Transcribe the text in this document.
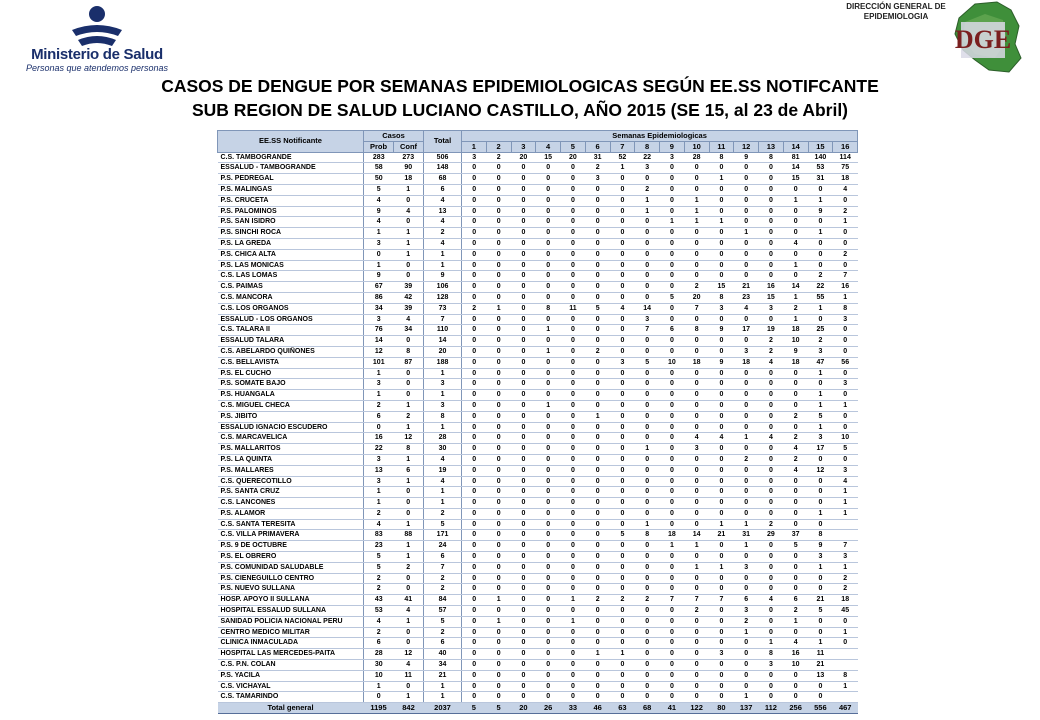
Ministerio de Salud
Personas que atendemos personas
DIRECCIÓN GENERAL DE
EPIDEMIOLOGIA
DGE
CASOS DE DENGUE POR SEMANAS EPIDEMIOLOGICAS SEGÚN EE.SS NOTIFCANTE
SUB REGION DE SALUD LUCIANO CASTILLO, AÑO 2015 (SE 15, al 23 de Abril)
EE.SS Notificante	Casos		Total	Semanas Epidemiologicas															
	Prob	Conf		1	2	3	4	5	6	7	8	9	10	11	12	13	14	15	16
C.S. TAMBOGRANDE	283	273	506	3	2	20	15	20	31	52	22	3	28	8	9	8	81	140	114
ESSALUD - TAMBOGRANDE	58	90	148	0	0	0	0	0	2	1	3	0	0	0	0	0	14	53	75
P.S. PEDREGAL	50	18	68	0	0	0	0	0	3	0	0	0	0	1	0	0	15	31	18
P.S. MALINGAS	5	1	6	0	0	0	0	0	0	0	2	0	0	0	0	0	0	0	4
P.S. CRUCETA	4	0	4	0	0	0	0	0	0	0	1	0	1	0	0	0	1	1	0
P.S. PALOMINOS	9	4	13	0	0	0	0	0	0	0	1	0	1	0	0	0	0	9	2
P.S. SAN ISIDRO	4	0	4	0	0	0	0	0	0	0	0	1	1	1	0	0	0	0	1
P.S. SINCHI ROCA	1	1	2	0	0	0	0	0	0	0	0	0	0	0	1	0	0	1	0
P.S. LA GREDA	3	1	4	0	0	0	0	0	0	0	0	0	0	0	0	0	4	0	0
P.S. CHICA ALTA	0	1	1	0	0	0	0	0	0	0	0	0	0	0	0	0	0	0	2
P.S. LAS MONICAS	1	0	1	0	0	0	0	0	0	0	0	0	0	0	0	0	1	0	0
C.S. LAS LOMAS	9	0	9	0	0	0	0	0	0	0	0	0	0	0	0	0	0	2	7
C.S. PAIMAS	67	39	106	0	0	0	0	0	0	0	0	0	2	15	21	16	14	22	16
C.S. MANCORA	86	42	128	0	0	0	0	0	0	0	0	5	20	8	23	15	1	55	1
C.S. LOS ORGANOS	34	39	73	2	1	0	8	11	5	4	14	0	7	3	4	3	2	1	8
ESSALUD - LOS ORGANOS	3	4	7	0	0	0	0	0	0	0	3	0	0	0	0	0	1	0	3
C.S. TALARA II	76	34	110	0	0	0	1	0	0	0	7	6	8	9	17	19	18	25	0
ESSALUD TALARA	14	0	14	0	0	0	0	0	0	0	0	0	0	0	0	2	10	2	0
C.S. ABELARDO QUIÑONES	12	8	20	0	0	0	1	0	2	0	0	0	0	0	3	2	9	3	0
C.S. BELLAVISTA	101	87	188	0	0	0	0	0	0	3	5	10	18	9	18	4	18	47	56
P.S. EL CUCHO	1	0	1	0	0	0	0	0	0	0	0	0	0	0	0	0	0	1	0
P.S. SOMATE BAJO	3	0	3	0	0	0	0	0	0	0	0	0	0	0	0	0	0	0	3
P.S. HUANGALA	1	0	1	0	0	0	0	0	0	0	0	0	0	0	0	0	0	1	0
C.S. MIGUEL CHECA	2	1	3	0	0	0	1	0	0	0	0	0	0	0	0	0	0	1	1
P.S. JIBITO	6	2	8	0	0	0	0	0	1	0	0	0	0	0	0	0	2	5	0
ESSALUD IGNACIO ESCUDERO	0	1	1	0	0	0	0	0	0	0	0	0	0	0	0	0	0	1	0
C.S. MARCAVELICA	16	12	28	0	0	0	0	0	0	0	0	0	4	4	1	4	2	3	10
P.S. MALLARITOS	22	8	30	0	0	0	0	0	0	0	1	0	3	0	0	0	4	17	5
P.S. LA QUINTA	3	1	4	0	0	0	0	0	0	0	0	0	0	0	2	0	2	0	0
P.S. MALLARES	13	6	19	0	0	0	0	0	0	0	0	0	0	0	0	0	4	12	3
C.S. QUERECOTILLO	3	1	4	0	0	0	0	0	0	0	0	0	0	0	0	0	0	0	4
P.S. SANTA CRUZ	1	0	1	0	0	0	0	0	0	0	0	0	0	0	0	0	0	0	1
C.S. LANCONES	1	0	1	0	0	0	0	0	0	0	0	0	0	0	0	0	0	0	1
P.S. ALAMOR	2	0	2	0	0	0	0	0	0	0	0	0	0	0	0	0	0	1	1
C.S. SANTA TERESITA	4	1	5	0	0	0	0	0	0	0	1	0	0	1	1	2	0	0	
C.S. VILLA PRIMAVERA	83	88	171	0	0	0	0	0	0	5	8	18	14	21	31	29	37	8	
P.S. 9 DE OCTUBRE	23	1	24	0	0	0	0	0	0	0	0	1	1	0	1	0	5	9	7
P.S. EL OBRERO	5	1	6	0	0	0	0	0	0	0	0	0	0	0	0	0	0	3	3
P.S. COMUNIDAD SALUDABLE	5	2	7	0	0	0	0	0	0	0	0	0	1	1	3	0	0	1	1
P.S. CIENEGUILLO CENTRO	2	0	2	0	0	0	0	0	0	0	0	0	0	0	0	0	0	0	2
P.S. NUEVO SULLANA	2	0	2	0	0	0	0	0	0	0	0	0	0	0	0	0	0	0	2
HOSP. APOYO II SULLANA	43	41	84	0	1	0	0	1	2	2	2	7	7	7	6	4	6	21	18
HOSPITAL ESSALUD SULLANA	53	4	57	0	0	0	0	0	0	0	0	0	2	0	3	0	2	5	45
SANIDAD POLICIA NACIONAL PERU	4	1	5	0	1	0	0	1	0	0	0	0	0	0	2	0	1	0	0
CENTRO MEDICO MILITAR	2	0	2	0	0	0	0	0	0	0	0	0	0	0	1	0	0	0	1
CLINICA INMACULADA	6	0	6	0	0	0	0	0	0	0	0	0	0	0	0	1	4	1	0
HOSPITAL LAS MERCEDES-PAITA	28	12	40	0	0	0	0	0	1	1	0	0	0	3	0	8	16	11	
C.S. P.N. COLAN	30	4	34	0	0	0	0	0	0	0	0	0	0	0	0	3	10	21	
P.S. YACILA	10	11	21	0	0	0	0	0	0	0	0	0	0	0	0	0	0	13	8
C.S. VICHAYAL	1	0	1	0	0	0	0	0	0	0	0	0	0	0	0	0	0	0	1
C.S. TAMARINDO	0	1	1	0	0	0	0	0	0	0	0	0	0	0	1	0	0	0	
Total general	1195	842	2037	5	5	20	26	33	46	63	68	41	122	80	137	112	256	556	467
